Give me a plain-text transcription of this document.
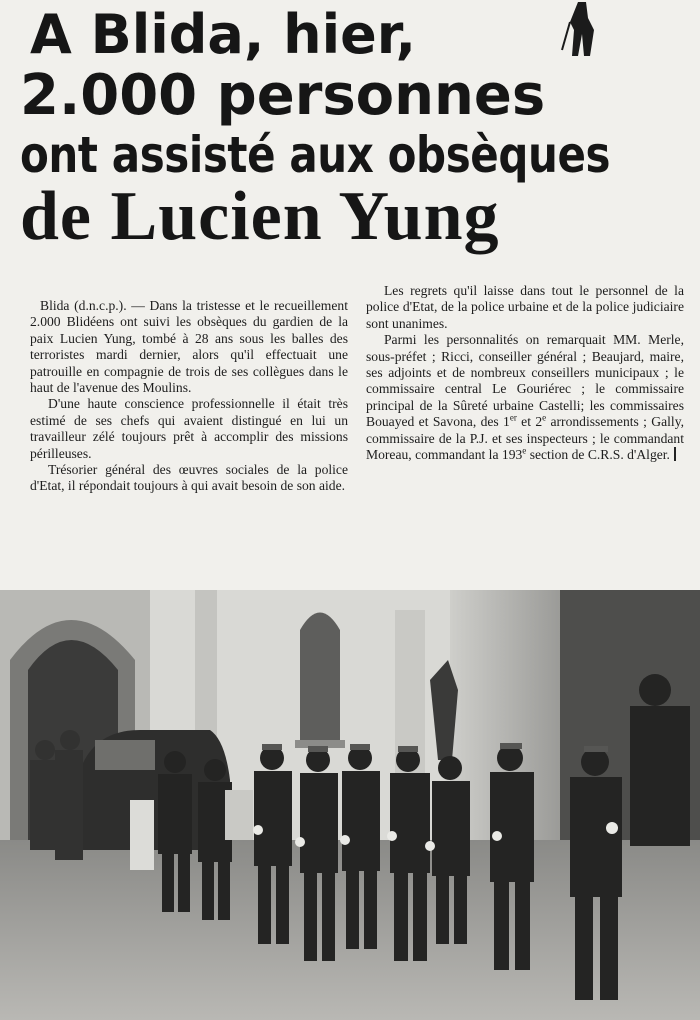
A Blida, hier,
2.000 personnes
ont assisté aux obsèques
de Lucien Yung

Blida (d.n.c.p.). — Dans la tristesse et le recueillement 2.000 Blidéens ont suivi les obsèques du gardien de la paix Lucien Yung, tombé à 28 ans sous les balles des terroristes mardi dernier, alors qu'il effectuait une patrouille en compagnie de trois de ses collègues dans le haut de l'avenue des Moulins.

D'une haute conscience professionnelle il était très estimé de ses chefs qui avaient distingué en lui un travailleur zélé toujours prêt à accomplir des missions périlleuses.

Trésorier général des œuvres sociales de la police d'Etat, il répondait toujours à qui avait besoin de son aide.

Les regrets qu'il laisse dans tout le personnel de la police d'Etat, de la police urbaine et de la police judiciaire sont unanimes.

Parmi les personnalités on remarquait MM. Merle, sous-préfet ; Ricci, conseiller général ; Beaujard, maire, ses adjoints et de nombreux conseillers municipaux ; le commissaire central Le Gouriérec ; le commissaire principal de la Sûreté urbaine Castelli; les commissaires Bouayed et Savona, des 1er et 2e arrondissements ; Gally, commissaire de la P.J. et ses inspecteurs ; le commandant Moreau, commandant la 193e section de C.R.S. d'Alger.
